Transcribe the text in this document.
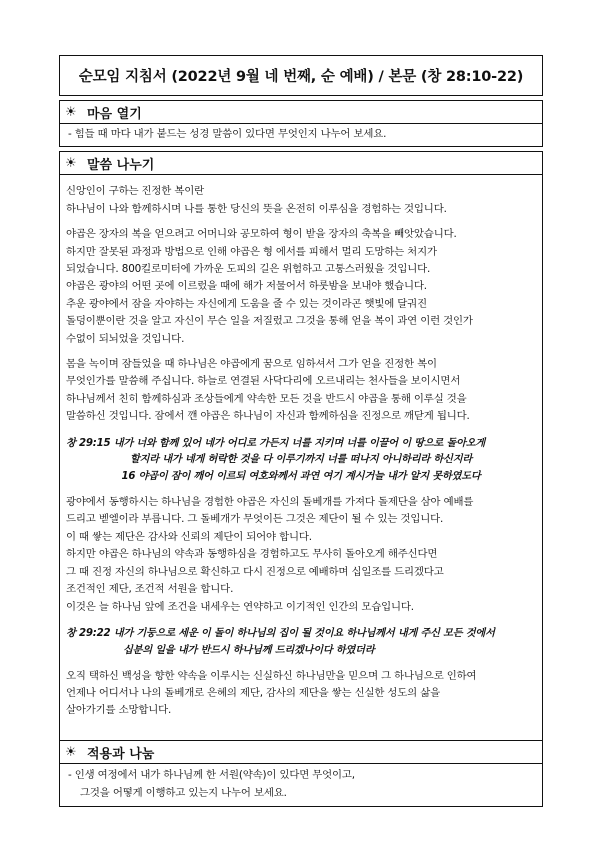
순모임 지침서 (2022년 9월 네 번째, 순 예배) / 본문 (창 28:10-22)
☀ 마음 열기
- 힘들 때 마다 내가 붙드는 성경 말씀이 있다면 무엇인지 나누어 보세요.
☀ 말씀 나누기
신앙인이 구하는 진정한 복이란
하나님이 나와 함께하시며 나를 통한 당신의 뜻을 온전히 이루심을 경험하는 것입니다.
야곱은 장자의 복을 얻으려고 어머니와 공모하여 형이 받을 장자의 축복을 빼앗았습니다.
하지만 잘못된 과정과 방법으로 인해 야곱은 형 에서를 피해서 멀리 도망하는 처지가
되었습니다. 800킬로미터에 가까운 도피의 길은 위험하고 고통스러웠을 것입니다.
야곱은 광야의 어떤 곳에 이르렀을 때에 해가 저물어서 하룻밤을 보내야 했습니다.
추운 광야에서 잠을 자야하는 자신에게 도움을 줄 수 있는 것이라곤 햇빛에 달궈진
돌덩이뿐이란 것을 알고 자신이 무슨 일을 저질렀고 그것을 통해 얻을 복이 과연 이런 것인가
수없이 되뇌었을 것입니다.
몸을 녹이며 잠들었을 때 하나님은 야곱에게 꿈으로 임하셔서 그가 얻을 진정한 복이
무엇인가를 말씀해 주십니다. 하늘로 연결된 사닥다리에 오르내리는 천사들을 보이시면서
하나님께서 친히 함께하심과 조상들에게 약속한 모든 것을 반드시 야곱을 통해 이루실 것을
말씀하신 것입니다. 잠에서 깬 야곱은 하나님이 자신과 함께하심을 진정으로 깨닫게 됩니다.
창 29:15 내가 너와 함께 있어 네가 어디로 가든지 너를 지키며 너를 이끌어 이 땅으로 돌아오게
할지라 내가 네게 허락한 것을 다 이루기까지 너를 떠나지 아니하리라 하신지라
16 야곱이 잠이 깨어 이르되 여호와께서 과연 여기 계시거늘 내가 알지 못하였도다
광야에서 동행하시는 하나님을 경험한 야곱은 자신의 돌베개를 가져다 돌제단을 삼아 예배를
드리고 벧엘이라 부릅니다. 그 돌베개가 무엇이든 그것은 제단이 될 수 있는 것입니다.
이 때 쌓는 제단은 감사와 신뢰의 제단이 되어야 합니다.
하지만 야곱은 하나님의 약속과 동행하심을 경험하고도 무사히 돌아오게 해주신다면
그 때 진정 자신의 하나님으로 확신하고 다시 진정으로 예배하며 십일조를 드리겠다고
조건적인 제단, 조건적 서원을 합니다.
이것은 늘 하나님 앞에 조건을 내세우는 연약하고 이기적인 인간의 모습입니다.
창 29:22 내가 기둥으로 세운 이 돌이 하나님의 집이 될 것이요 하나님께서 내게 주신 모든 것에서
십분의 일을 내가 반드시 하나님께 드리겠나이다 하였더라
오직 택하신 백성을 향한 약속을 이루시는 신실하신 하나님만을 믿으며 그 하나님으로 인하여
언제나 어디서나 나의 돌베개로 은혜의 제단, 감사의 제단을 쌓는 신실한 성도의 삶을
살아가기를 소망합니다.
☀ 적용과 나눔
- 인생 여정에서 내가 하나님께 한 서원(약속)이 있다면 무엇이고,
그것을 어떻게 이행하고 있는지 나누어 보세요.
